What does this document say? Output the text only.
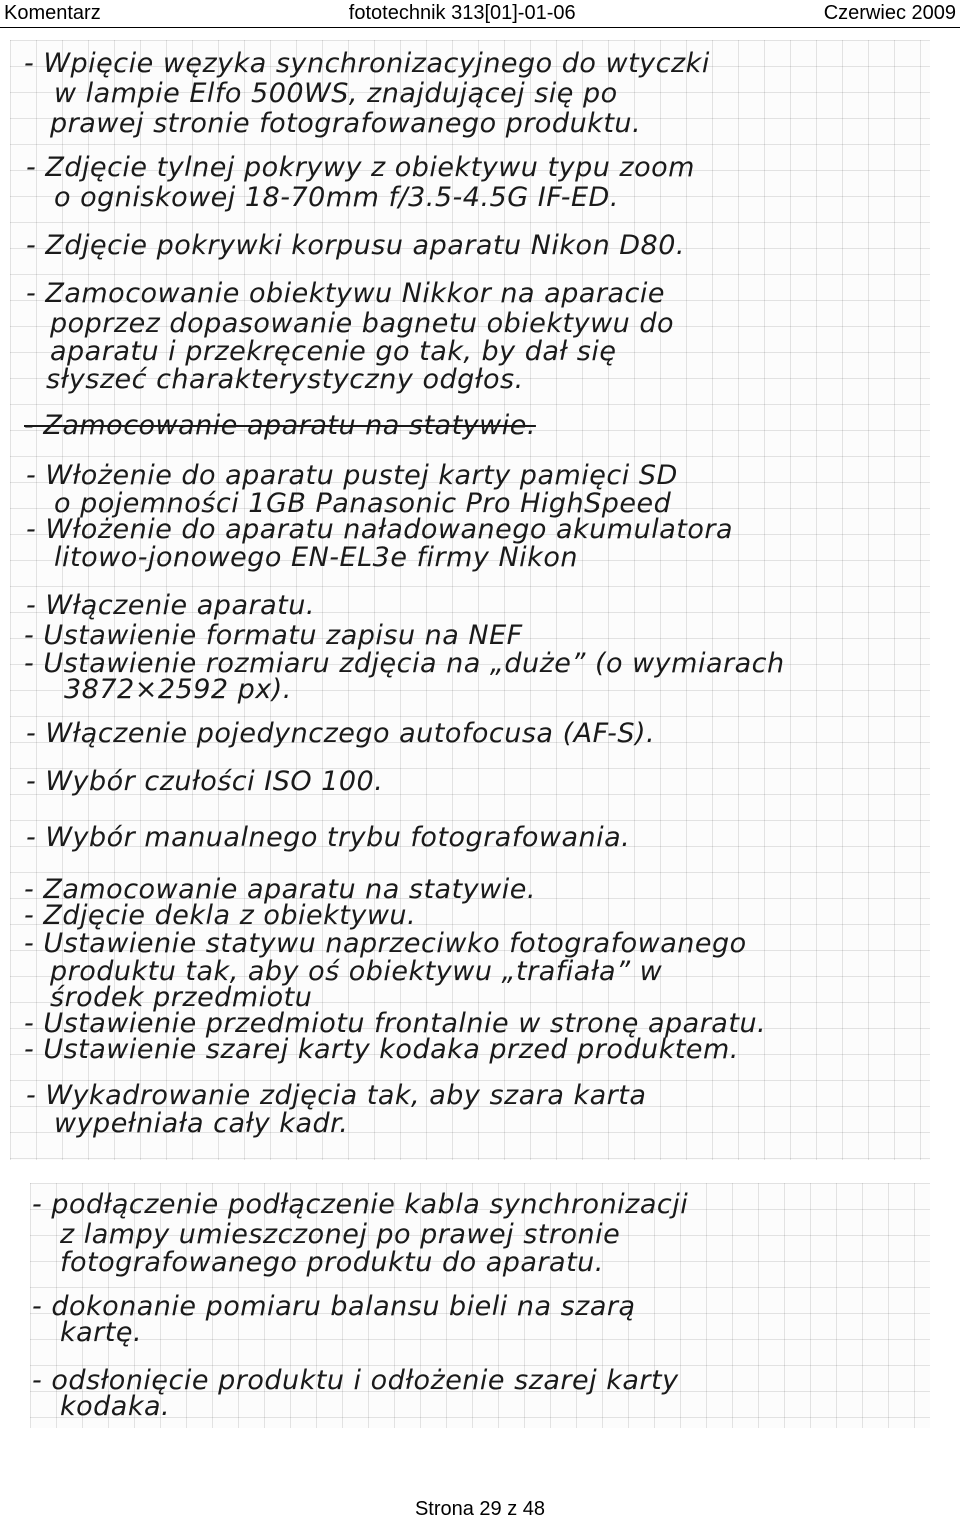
Komentarz	fototechnik 313[01]-01-06	Czerwiec 2009
- Wpięcie węzyka synchronizacyjnego do wtyczki
w lampie Elfo 500WS, znajdującej się po
prawej stronie fotografowanego produktu.
- Zdjęcie tylnej pokrywy z obiektywu typu zoom
o ogniskowej 18-70mm f/3.5-4.5G IF-ED.
- Zdjęcie pokrywki korpusu aparatu Nikon D80.
- Zamocowanie obiektywu Nikkor na aparacie
poprzez dopasowanie bagnetu obiektywu do
aparatu i przekręcenie go tak, by dał się
słyszeć charakterystyczny odgłos.
- Zamocowanie aparatu na statywie.
- Włożenie do aparatu pustej karty pamięci SD
o pojemności 1GB Panasonic Pro HighSpeed
- Włożenie do aparatu naładowanego akumulatora
litowo-jonowego EN-EL3e firmy Nikon
- Włączenie aparatu.
- Ustawienie formatu zapisu na NEF
- Ustawienie rozmiaru zdjęcia na „duże” (o wymiarach
3872×2592 px).
- Włączenie pojedynczego autofocusa (AF-S).
- Wybór czułości ISO 100.
- Wybór manualnego trybu fotografowania.
- Zamocowanie aparatu na statywie.
- Zdjęcie dekla z obiektywu.
- Ustawienie statywu naprzeciwko fotografowanego
produktu tak, aby oś obiektywu „trafiała” w
środek przedmiotu
- Ustawienie przedmiotu frontalnie w stronę aparatu.
- Ustawienie szarej karty kodaka przed produktem.
- Wykadrowanie zdjęcia tak, aby szara karta
wypełniała cały kadr.
- podłączenie podłączenie kabla synchronizacji
z lampy umieszczonej po prawej stronie
fotografowanego produktu do aparatu.
- dokonanie pomiaru balansu bieli na szarą
kartę.
- odsłonięcie produktu i odłożenie szarej karty
kodaka.
Strona 29 z 48
